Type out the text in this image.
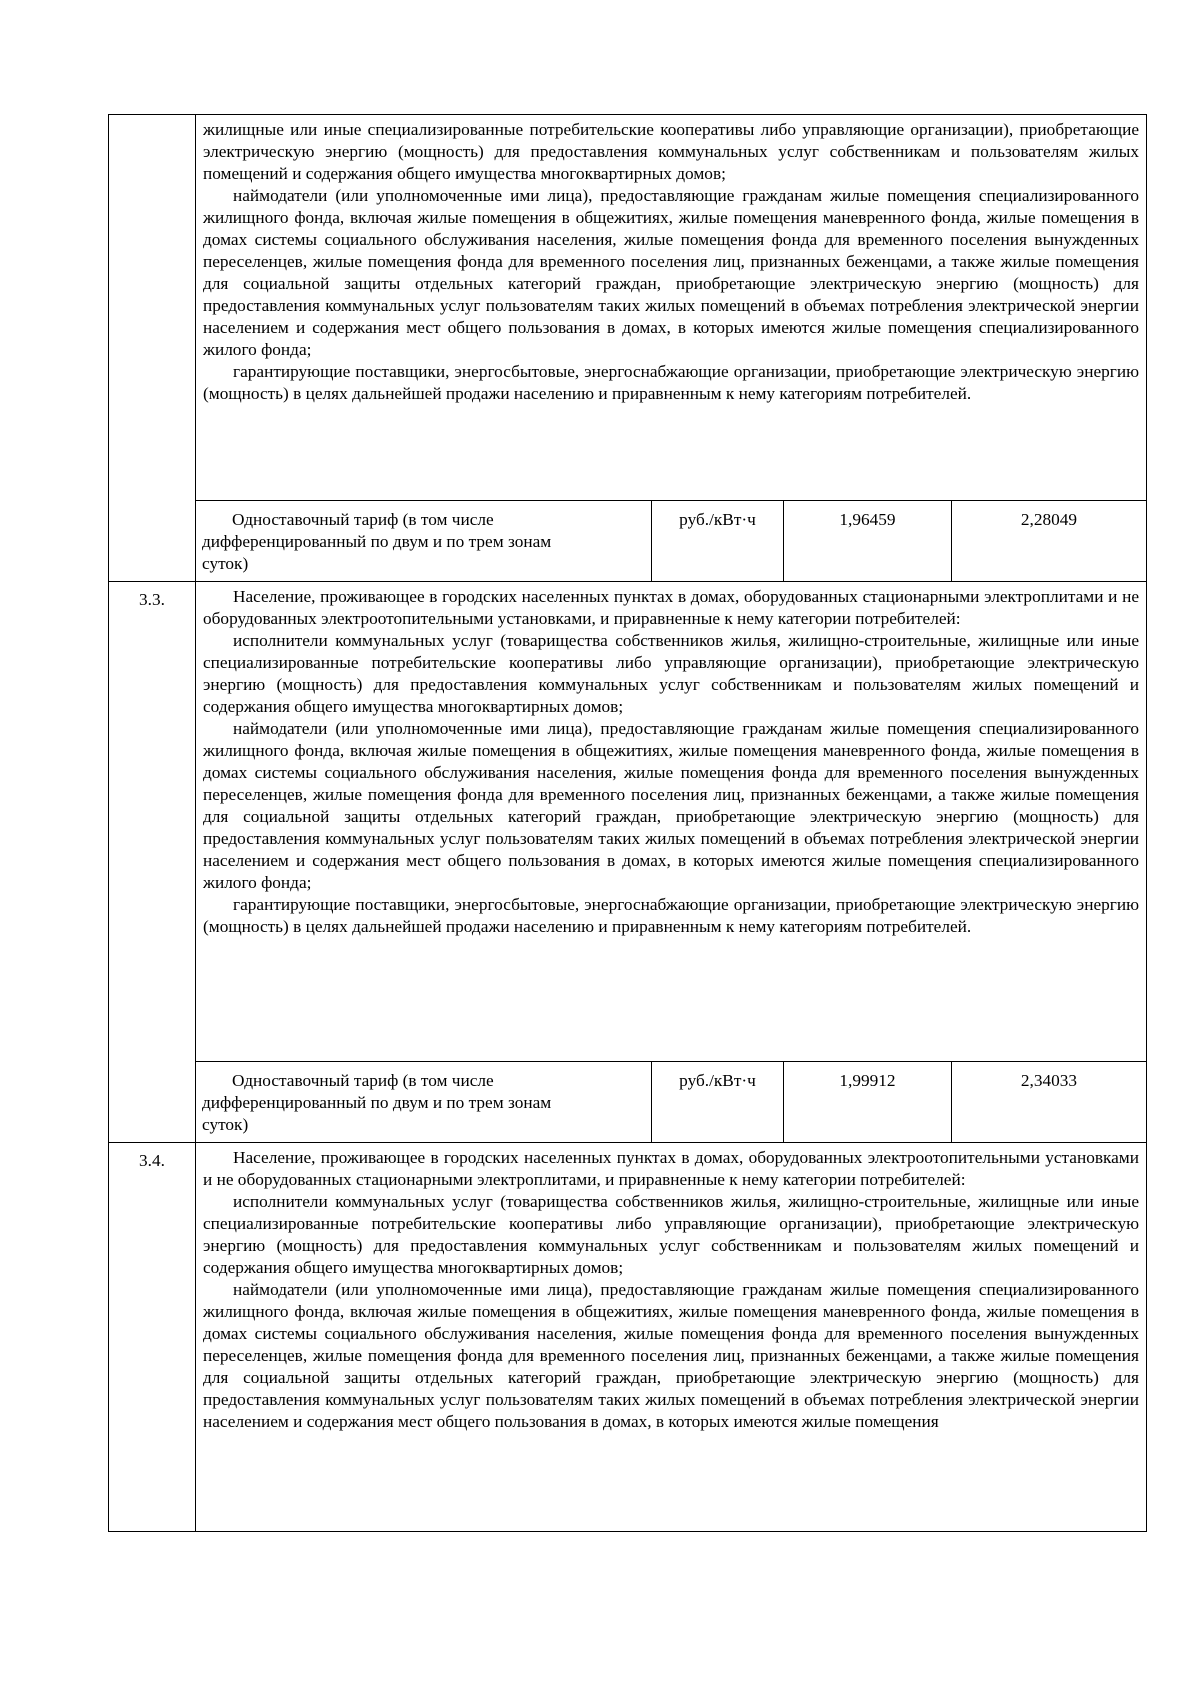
	жилищные или иные специализированные потребительские кооперативы либо управляющие организации), приобретающие электрическую энергию (мощность) для предоставления коммунальных услуг собственникам и пользователям жилых помещений и содержания общего имущества многоквартирных домов;

наймодатели (или уполномоченные ими лица), предоставляющие гражданам жилые помещения специализированного жилищного фонда, включая жилые помещения в общежитиях, жилые помещения маневренного фонда, жилые помещения в домах системы социального обслуживания населения, жилые помещения фонда для временного поселения вынужденных переселенцев, жилые помещения фонда для временного поселения лиц, признанных беженцами, а также жилые помещения для социальной защиты отдельных категорий граждан, приобретающие электрическую энергию (мощность) для предоставления коммунальных услуг пользователям таких жилых помещений в объемах потребления электрической энергии населением и содержания мест общего пользования в домах, в которых имеются жилые помещения специализированного жилого фонда;

гарантирующие поставщики, энергосбытовые, энергоснабжающие организации, приобретающие электрическую энергию (мощность) в целях дальнейшей продажи населению и приравненным к нему категориям потребителей.			

	Одноставочный тариф (в том числе
дифференцированный по двум и по трем зонам
суток)	руб./кВт·ч	1,96459	2,28049
3.3.	Население, проживающее в городских населенных пунктах в домах, оборудованных стационарными электроплитами и не оборудованных электроотопительными установками, и приравненные к нему категории потребителей:

исполнители коммунальных услуг (товарищества собственников жилья, жилищно-строительные, жилищные или иные специализированные потребительские кооперативы либо управляющие организации), приобретающие электрическую энергию (мощность) для предоставления коммунальных услуг собственникам и пользователям жилых помещений и содержания общего имущества многоквартирных домов;

наймодатели (или уполномоченные ими лица), предоставляющие гражданам жилые помещения специализированного жилищного фонда, включая жилые помещения в общежитиях, жилые помещения маневренного фонда, жилые помещения в домах системы социального обслуживания населения, жилые помещения фонда для временного поселения вынужденных переселенцев, жилые помещения фонда для временного поселения лиц, признанных беженцами, а также жилые помещения для социальной защиты отдельных категорий граждан, приобретающие электрическую энергию (мощность) для предоставления коммунальных услуг пользователям таких жилых помещений в объемах потребления электрической энергии населением и содержания мест общего пользования в домах, в которых имеются жилые помещения специализированного жилого фонда;

гарантирующие поставщики, энергосбытовые, энергоснабжающие организации, приобретающие электрическую энергию (мощность) в целях дальнейшей продажи населению и приравненным к нему категориям потребителей.			

	Одноставочный тариф (в том числе
дифференцированный по двум и по трем зонам
суток)	руб./кВт·ч	1,99912	2,34033
3.4.	Население, проживающее в городских населенных пунктах в домах, оборудованных электроотопительными установками и не оборудованных стационарными электроплитами, и приравненные к нему категории потребителей:

исполнители коммунальных услуг (товарищества собственников жилья, жилищно-строительные, жилищные или иные специализированные потребительские кооперативы либо управляющие организации), приобретающие электрическую энергию (мощность) для предоставления коммунальных услуг собственникам и пользователям жилых помещений и содержания общего имущества многоквартирных домов;

наймодатели (или уполномоченные ими лица), предоставляющие гражданам жилые помещения специализированного жилищного фонда, включая жилые помещения в общежитиях, жилые помещения маневренного фонда, жилые помещения в домах системы социального обслуживания населения, жилые помещения фонда для временного поселения вынужденных переселенцев, жилые помещения фонда для временного поселения лиц, признанных беженцами, а также жилые помещения для социальной защиты отдельных категорий граждан, приобретающие электрическую энергию (мощность) для предоставления коммунальных услуг пользователям таких жилых помещений в объемах потребления электрической энергии населением и содержания мест общего пользования в домах, в которых имеются жилые помещения			
